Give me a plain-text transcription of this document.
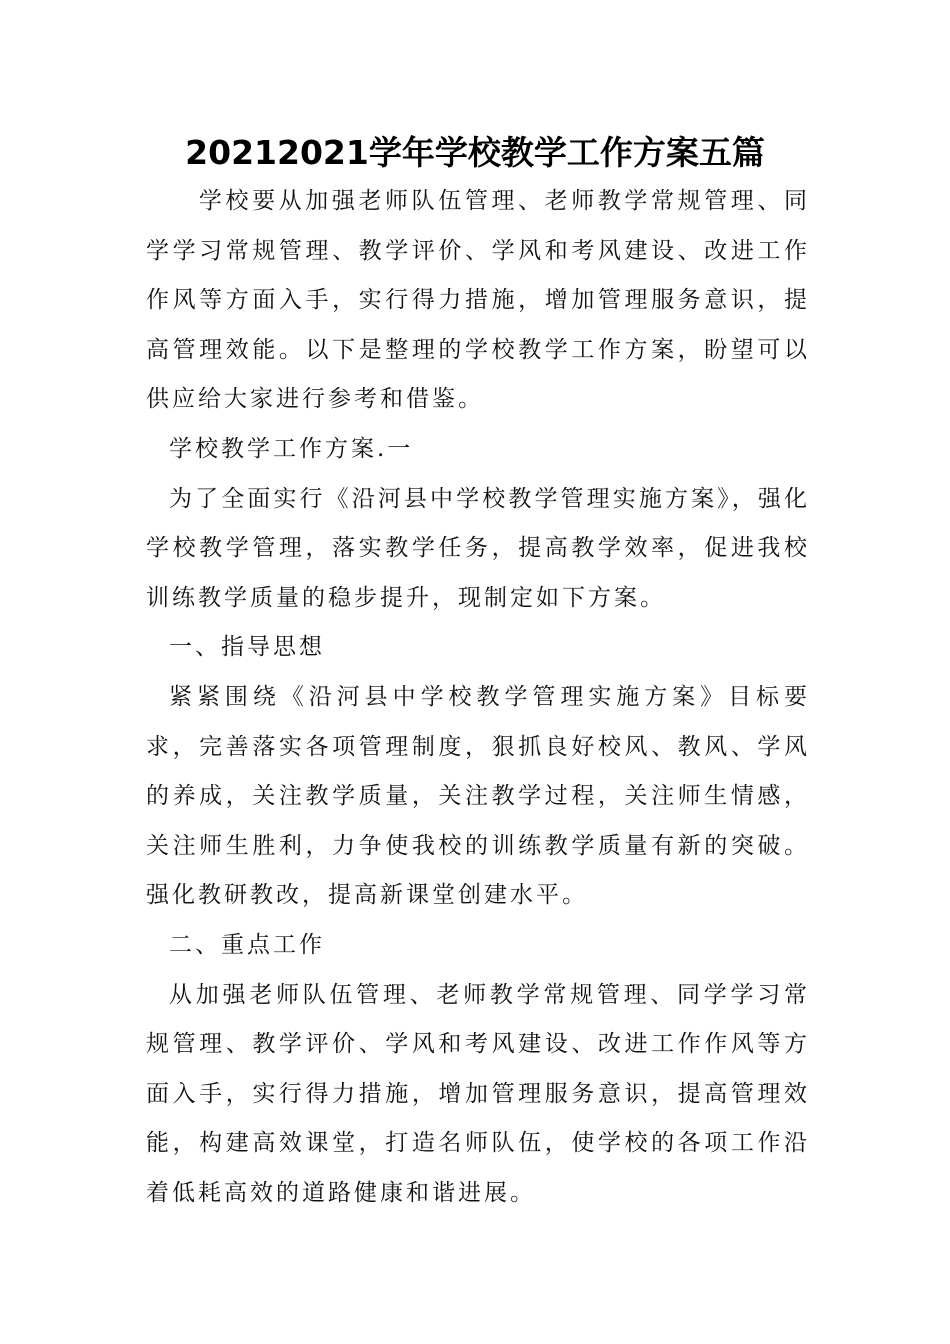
20212021学年学校教学工作方案五篇

学校要从加强老师队伍管理、老师教学常规管理、同学学习常规管理、教学评价、学风和考风建设、改进工作作风等方面入手，实行得力措施，增加管理服务意识，提高管理效能。以下是整理的学校教学工作方案，盼望可以供应给大家进行参考和借鉴。

学校教学工作方案.一

为了全面实行《沿河县中学校教学管理实施方案》，强化学校教学管理，落实教学任务，提高教学效率，促进我校训练教学质量的稳步提升，现制定如下方案。

一、指导思想

紧紧围绕《沿河县中学校教学管理实施方案》目标要求，完善落实各项管理制度，狠抓良好校风、教风、学风的养成，关注教学质量，关注教学过程，关注师生情感，关注师生胜利，力争使我校的训练教学质量有新的突破。强化教研教改，提高新课堂创建水平。

二、重点工作

从加强老师队伍管理、老师教学常规管理、同学学习常规管理、教学评价、学风和考风建设、改进工作作风等方面入手，实行得力措施，增加管理服务意识，提高管理效能，构建高效课堂，打造名师队伍，使学校的各项工作沿着低耗高效的道路健康和谐进展。
